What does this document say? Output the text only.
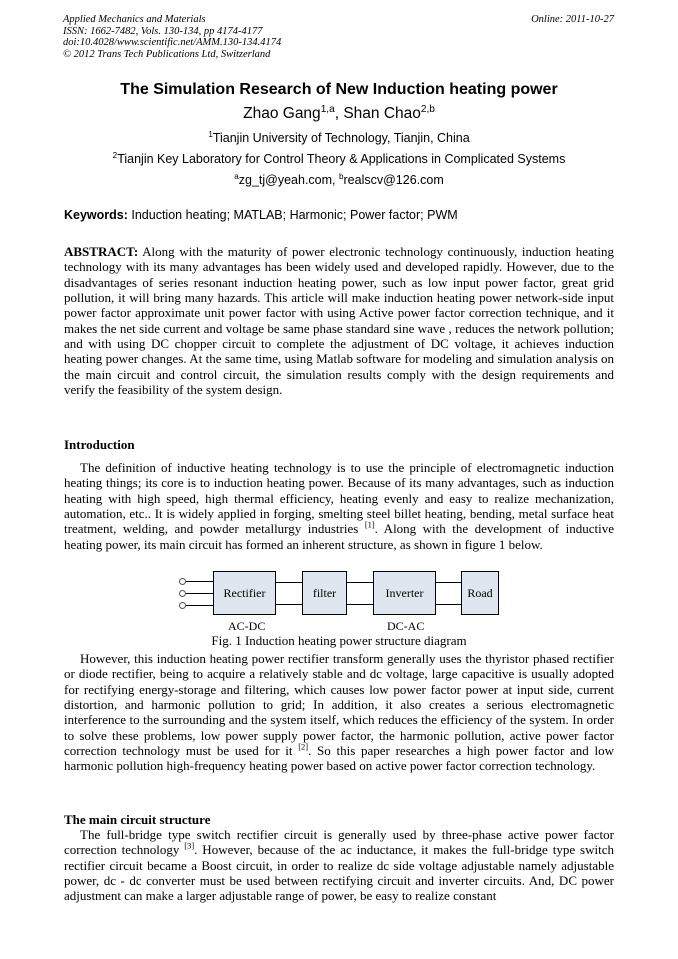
Applied Mechanics and Materials
ISSN: 1662-7482, Vols. 130-134, pp 4174-4177
doi:10.4028/www.scientific.net/AMM.130-134.4174
© 2012 Trans Tech Publications Ltd, Switzerland
Online: 2011-10-27
The Simulation Research of New Induction heating power
Zhao Gang$^{1,a}$, Shan Chao$^{2,b}$
$^1$Tianjin University of Technology, Tianjin, China
$^2$Tianjin Key Laboratory for Control Theory & Applications in Complicated Systems
$^a$zg_tj@yeah.com, $^b$realscv@126.com
Keywords: Induction heating; MATLAB; Harmonic; Power factor; PWM
ABSTRACT: Along with the maturity of power electronic technology continuously, induction heating technology with its many advantages has been widely used and developed rapidly. However, due to the disadvantages of series resonant induction heating power, such as low input power factor, great grid pollution, it will bring many hazards. This article will make induction heating power network-side input power factor approximate unit power factor with using Active power factor correction technique, and it makes the net side current and voltage be same phase standard sine wave , reduces the network pollution; and with using DC chopper circuit to complete the adjustment of DC voltage, it achieves induction heating power changes. At the same time, using Matlab software for modeling and simulation analysis on the main circuit and control circuit, the simulation results comply with the design requirements and verify the feasibility of the system design.
Introduction
The definition of inductive heating technology is to use the principle of electromagnetic induction heating things; its core is to induction heating power. Because of its many advantages, such as induction heating with high speed, high thermal efficiency, heating evenly and easy to realize mechanization, automation, etc.. It is widely applied in forging, smelting steel billet heating, bending, metal surface heat treatment, welding, and powder metallurgy industries [1]. Along with the development of inductive heating power, its main circuit has formed an inherent structure, as shown in figure 1 below.
Rectifier	filter	Inverter	Road
AC-DC	DC-AC
Fig. 1 Induction heating power structure diagram
However, this induction heating power rectifier transform generally uses the thyristor phased rectifier or diode rectifier, being to acquire a relatively stable and dc voltage, large capacitive is usually adopted for rectifying energy-storage and filtering, which causes low power factor power at input side, current distortion, and harmonic pollution to grid; In addition, it also creates a serious electromagnetic interference to the surrounding and the system itself, which reduces the efficiency of the system. In order to solve these problems, low power supply power factor, the harmonic pollution, active power factor correction technology must be used for it [2]. So this paper researches a high power factor and low harmonic pollution high-frequency heating power based on active power factor correction technology.
The main circuit structure
The full-bridge type switch rectifier circuit is generally used by three-phase active power factor correction technology [3]. However, because of the ac inductance, it makes the full-bridge type switch rectifier circuit became a Boost circuit, in order to realize dc side voltage adjustable namely adjustable power, dc - dc converter must be used between rectifying circuit and inverter circuits. And, DC power adjustment can make a larger adjustable range of power, be easy to realize constant
